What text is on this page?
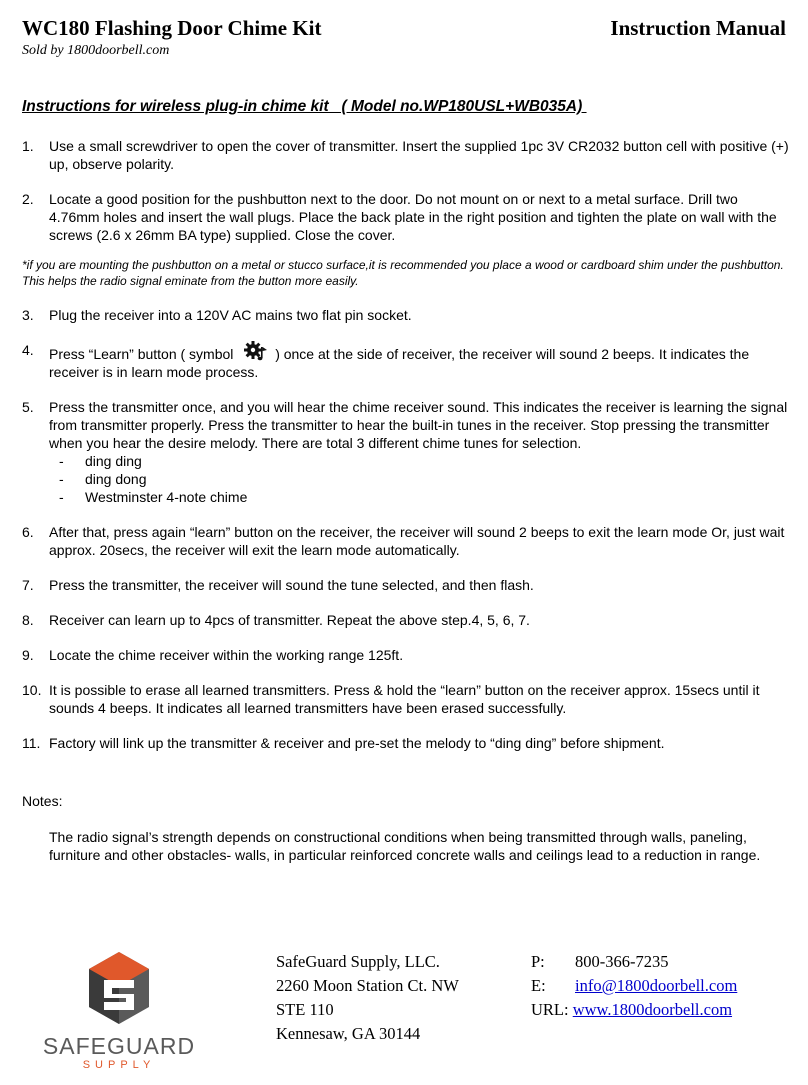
WC180 Flashing Door Chime Kit	Instruction Manual
Sold by 1800doorbell.com
Instructions for wireless plug-in chime kit   ( Model no.WP180USL+WB035A)
1.	Use a small screwdriver to open the cover of transmitter. Insert the supplied 1pc 3V CR2032 button cell with positive (+) up, observe polarity.
2.	Locate a good position for the pushbutton next to the door. Do not mount on or next to a metal surface. Drill two 4.76mm holes and insert the wall plugs. Place the back plate in the right position and tighten the plate on wall with the screws (2.6 x 26mm BA type) supplied. Close the cover.
*if you are mounting the pushbutton on a metal or stucco surface,it is recommended you place a wood or cardboard shim under the pushbutton. This helps the radio signal eminate from the button more easily.
3.	Plug the receiver into a 120V AC mains two flat pin socket.
4.	Press “Learn” button ( symbol	) once at the side of receiver, the receiver will sound 2 beeps. It indicates the receiver is in learn mode process.
5.	Press the transmitter once, and you will hear the chime receiver sound. This indicates the receiver is learning the signal from transmitter properly. Press the transmitter to hear the built-in tunes in the receiver. Stop pressing the transmitter when you hear the desire melody. There are total 3 different chime tunes for selection.
-	ding ding
-	ding dong
-	Westminster 4-note chime
6.	After that, press again “learn” button on the receiver, the receiver will sound 2 beeps to exit the learn mode Or, just wait approx. 20secs, the receiver will exit the learn mode automatically.
7.	Press the transmitter, the receiver will sound the tune selected, and then flash.
8.	Receiver can learn up to 4pcs of transmitter. Repeat the above step.4, 5, 6, 7.
9.	Locate the chime receiver within the working range 125ft.
10. It is possible to erase all learned transmitters. Press & hold the “learn” button on the receiver approx. 15secs until it sounds 4 beeps. It indicates all learned transmitters have been erased successfully.
11. Factory will link up the transmitter & receiver and pre-set the melody to “ding ding” before shipment.
Notes:
The radio signal’s strength depends on constructional conditions when being transmitted through walls, paneling, furniture and other obstacles- walls, in particular reinforced concrete walls and ceilings lead to a reduction in range.
SAFEGUARD
SUPPLY
SafeGuard Supply, LLC.
2260 Moon Station Ct. NW
STE 110
Kennesaw, GA 30144
P:	800-366-7235
E:	info@1800doorbell.com
URL:
www.1800doorbell.com
